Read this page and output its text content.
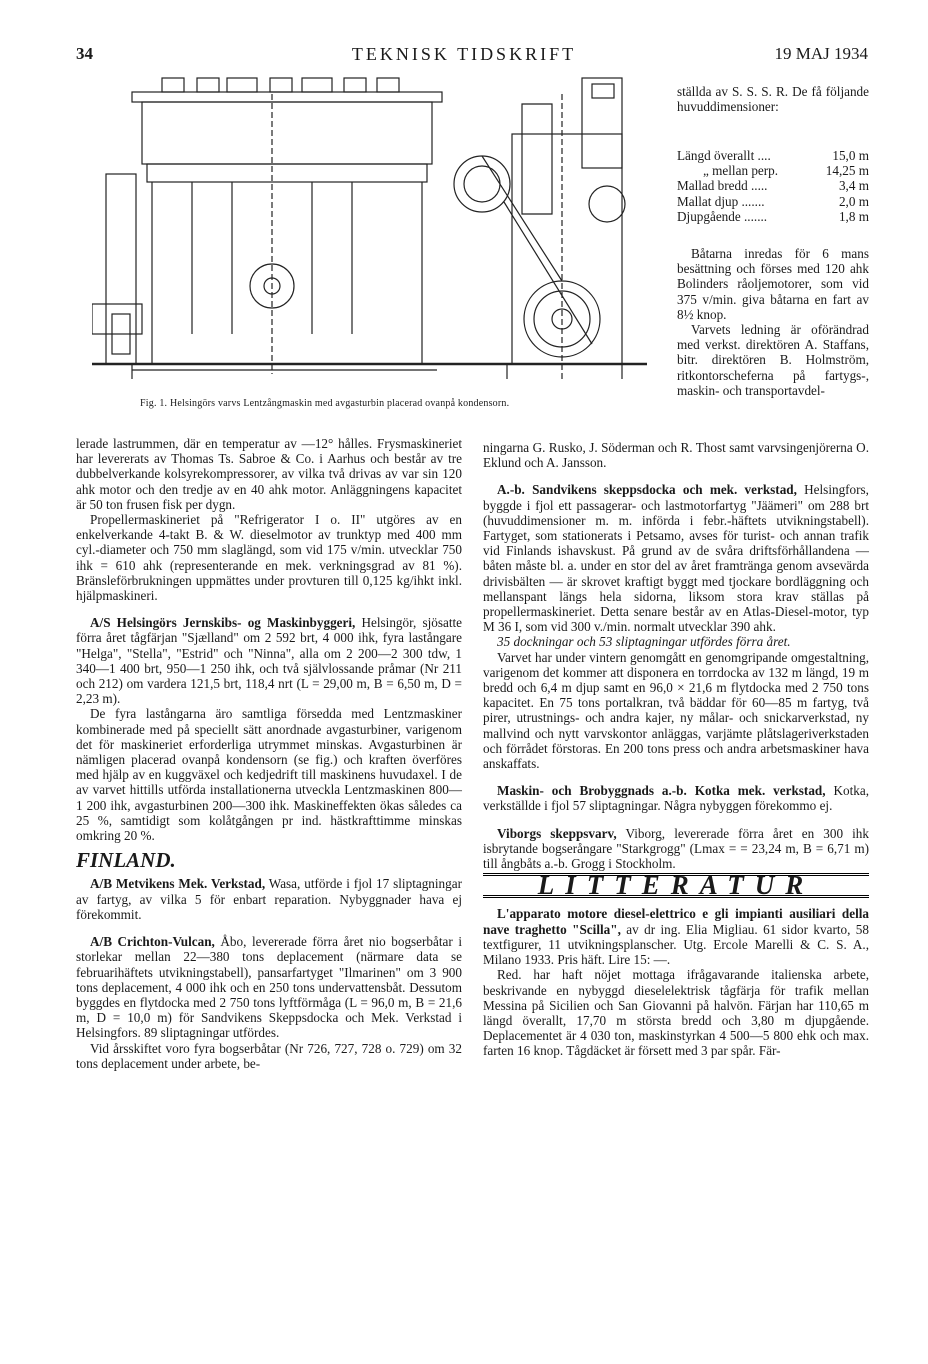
34	TEKNISK TIDSKRIFT	19 MAJ 1934
Fig. 1. Helsingörs varvs Lentzångmaskin med avgasturbin placerad ovanpå kondensorn.

ställda av S. S. S. R. De få följande huvuddimensioner:

Längd överallt ....	15,0 m
„ mellan perp.	14,25 m
Mallad bredd .....	3,4 m
Mallat djup .......	2,0 m
Djupgående .......	1,8 m

Båtarna inredas för 6 mans besättning och förses med 120 ahk Bolinders råoljemotorer, som vid 375 v/min. giva båtarna en fart av 8½ knop.

Varvets ledning är oförändrad med verkst. direktören A. Staffans, bitr. direktören B. Holmström, ritkontorscheferna på fartygs-, maskin- och transportavdel-

lerade lastrummen, där en temperatur av —12° hålles. Frysmaskineriet har levererats av Thomas Ts. Sabroe & Co. i Aarhus och består av tre dubbelverkande kolsyrekompressorer, av vilka två drivas av var sin 120 ahk motor och den tredje av en 40 ahk motor. Anläggningens kapacitet är 50 ton frusen fisk per dygn.

Propellermaskineriet på "Refrigerator I o. II" utgöres av en enkelverkande 4-takt B. & W. dieselmotor av trunktyp med 400 mm cyl.-diameter och 750 mm slaglängd, som vid 175 v/min. utvecklar 750 ihk = 610 ahk (representerande en mek. verkningsgrad av 81 %). Bränsleförbrukningen uppmättes under provturen till 0,125 kg/ihkt inkl. hjälpmaskineri.

A/S Helsingörs Jernskibs- og Maskinbyggeri, Helsingör, sjösatte förra året tågfärjan "Sjælland" om 2 592 brt, 4 000 ihk, fyra lastångare "Helga", "Stella", "Estrid" och "Ninna", alla om 2 200—2 300 tdw, 1 340—1 400 brt, 950—1 250 ihk, och två självlossande pråmar (Nr 211 och 212) om vardera 121,5 brt, 118,4 nrt (L = 29,00 m, B = 6,50 m, D = 2,23 m).

De fyra lastångarna äro samtliga försedda med Lentzmaskiner kombinerade med på speciellt sätt anordnade avgasturbiner, varigenom det för maskineriet erforderliga utrymmet minskas. Avgasturbinen är nämligen placerad ovanpå kondensorn (se fig.) och kraften överföres med hjälp av en kuggväxel och kedjedrift till maskinens huvudaxel. I de av varvet hittills utförda installationerna utveckla Lentzmaskinen 800—1 200 ihk, avgasturbinen 200—300 ihk. Maskineffekten ökas således ca 25 %, samtidigt som kolåtgången pr ind. hästkrafttimme minskas omkring 20 %.

FINLAND.

A/B Metvikens Mek. Verkstad, Wasa, utförde i fjol 17 sliptagningar av fartyg, av vilka 5 för enbart reparation. Nybyggnader hava ej förekommit.

A/B Crichton-Vulcan, Åbo, levererade förra året nio bogserbåtar i storlekar mellan 22—380 tons deplacement (närmare data se februarihäftets utvikningstabell), pansarfartyget "Ilmarinen" om 3 900 tons deplacement, 4 000 ihk och en 250 tons undervattensbåt. Dessutom byggdes en flytdocka med 2 750 tons lyftförmåga (L = 96,0 m, B = 21,6 m, D = 10,0 m) för Sandvikens Skeppsdocka och Mek. Verkstad i Helsingfors. 89 sliptagningar utfördes.

Vid årsskiftet voro fyra bogserbåtar (Nr 726, 727, 728 o. 729) om 32 tons deplacement under arbete, be-

ningarna G. Rusko, J. Söderman och R. Thost samt varvsingenjörerna O. Eklund och A. Jansson.

A.-b. Sandvikens skeppsdocka och mek. verkstad, Helsingfors, byggde i fjol ett passagerar- och lastmotorfartyg "Jäämeri" om 288 brt (huvuddimensioner m. m. införda i febr.-häftets utvikningstabell). Fartyget, som stationerats i Petsamo, avses för turist- och annan trafik vid Finlands ishavskust. På grund av de svåra driftsförhållandena — båten måste bl. a. under en stor del av året framtränga genom avsevärda drivisbälten — är skrovet kraftigt byggt med tjockare bordläggning och mellanspant längs hela sidorna, liksom stora krav ställas på propellermaskineriet. Detta senare består av en Atlas-Diesel-motor, typ M 36 I, som vid 300 v./min. normalt utvecklar 390 ahk.

35 dockningar och 53 sliptagningar utfördes förra året.

Varvet har under vintern genomgått en genomgripande omgestaltning, varigenom det kommer att disponera en torrdocka av 132 m längd, 19 m bredd och 6,4 m djup samt en 96,0 × 21,6 m flytdocka med 2 750 tons kapacitet. En 75 tons portalkran, två bäddar för 60—85 m fartyg, två pirer, utrustnings- och andra kajer, ny målar- och snickarverkstad, ny mallvind och nytt varvskontor anläggas, varjämte plåtslageriverkstaden och förrådet förstoras. En 200 tons press och andra arbetsmaskiner hava anskaffats.

Maskin- och Brobyggnads a.-b. Kotka mek. verkstad, Kotka, verkställde i fjol 57 sliptagningar. Några nybyggen förekommo ej.

Viborgs skeppsvarv, Viborg, levererade förra året en 300 ihk isbrytande bogserångare "Starkgrogg" (Lmax = = 23,24 m, B = 6,71 m) till ångbåts a.-b. Grogg i Stockholm.

LITTERATUR

L'apparato motore diesel-elettrico e gli impianti ausiliari della nave traghetto "Scilla", av dr ing. Elia Migliau. 61 sidor kvarto, 58 textfigurer, 11 utvikningsplanscher. Utg. Ercole Marelli & C. S. A., Milano 1933. Pris häft. Lire 15: —.

Red. har haft nöjet mottaga ifrågavarande italienska arbete, beskrivande en nybyggd dieselelektrisk tågfärja för trafik mellan Messina på Sicilien och San Giovanni på halvön. Färjan har 110,65 m längd överallt, 17,70 m största bredd och 3,80 m djupgående. Deplacementet är 4 030 ton, maskinstyrkan 4 500—5 800 ehk och max. farten 16 knop. Tågdäcket är försett med 3 par spår. Fär-
